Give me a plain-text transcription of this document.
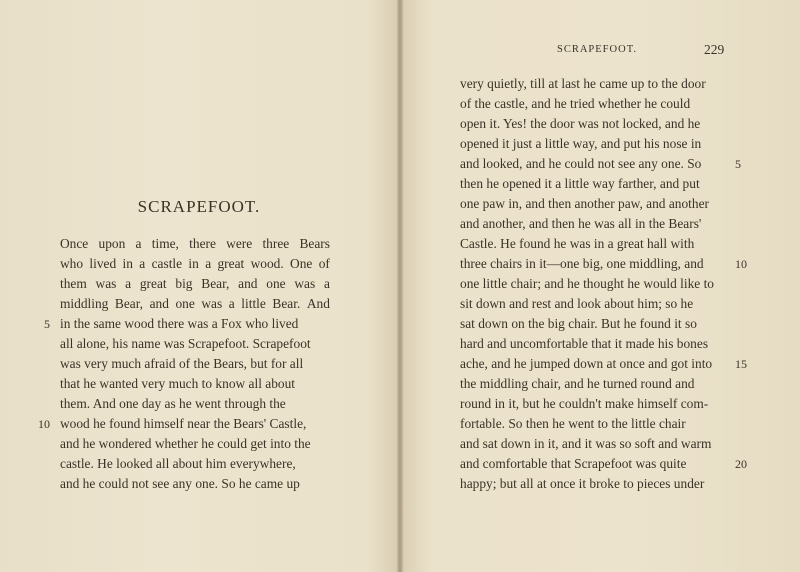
SCRAPEFOOT.
Once upon a time, there were three Bears
who lived in a castle in a great wood. One of
them was a great big Bear, and one was a
middling Bear, and one was a little Bear. And
in the same wood there was a Fox who lived
all alone, his name was Scrapefoot. Scrapefoot
was very much afraid of the Bears, but for all
that he wanted very much to know all about
them. And one day as he went through the
wood he found himself near the Bears' Castle,
and he wondered whether he could get into the
castle. He looked all about him everywhere,
and he could not see any one. So he came up
5
10
SCRAPEFOOT.	229
very quietly, till at last he came up to the door
of the castle, and he tried whether he could
open it. Yes! the door was not locked, and he
opened it just a little way, and put his nose in
and looked, and he could not see any one. So
then he opened it a little way farther, and put
one paw in, and then another paw, and another
and another, and then he was all in the Bears'
Castle. He found he was in a great hall with
three chairs in it—one big, one middling, and
one little chair; and he thought he would like to
sit down and rest and look about him; so he
sat down on the big chair. But he found it so
hard and uncomfortable that it made his bones
ache, and he jumped down at once and got into
the middling chair, and he turned round and
round in it, but he couldn't make himself com-
fortable. So then he went to the little chair
and sat down in it, and it was so soft and warm
and comfortable that Scrapefoot was quite
happy; but all at once it broke to pieces under
5
10
15
20
